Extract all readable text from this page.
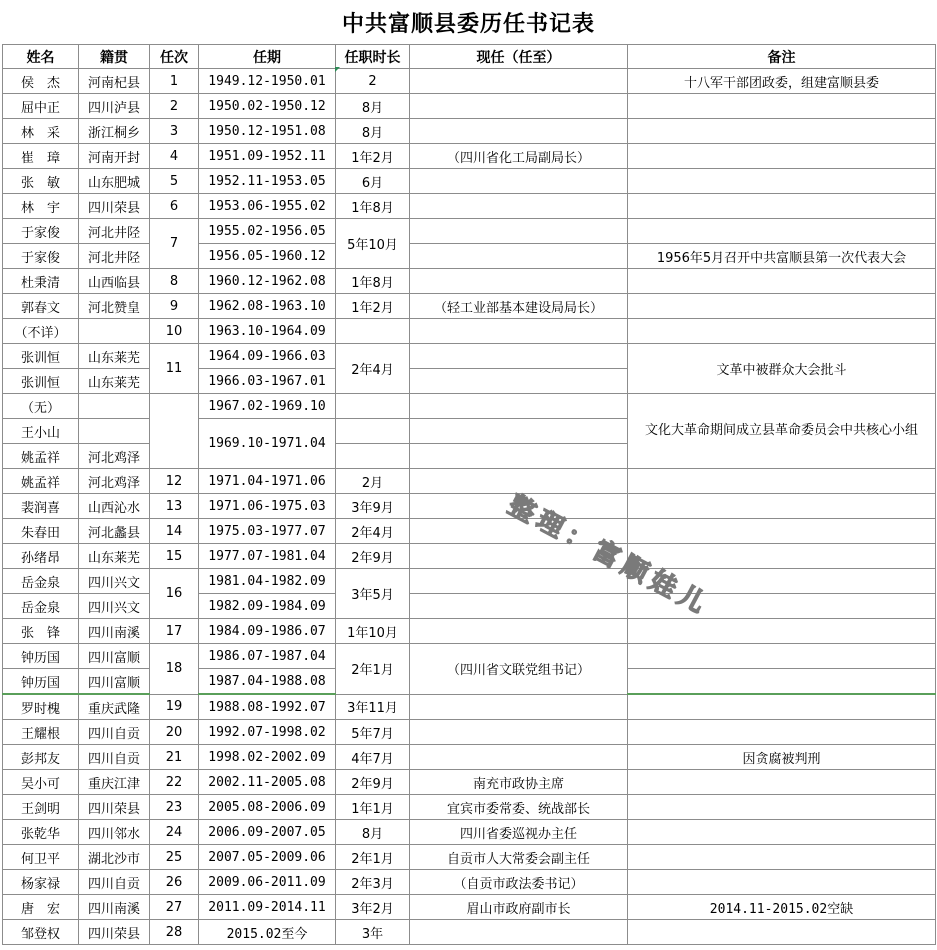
中共富顺县委历任书记表
姓名	籍贯	任次	任期	任职时长	现任（任至）	备注
侯　杰	河南杞县	1	1949.12-1950.01	2		十八军干部团政委，组建富顺县委
屈中正	四川泸县	2	1950.02-1950.12	8月		
林　采	浙江桐乡	3	1950.12-1951.08	8月		
崔　璋	河南开封	4	1951.09-1952.11	1年2月	（四川省化工局副局长）	
张　敏	山东肥城	5	1952.11-1953.05	6月		
林　宇	四川荣县	6	1953.06-1955.02	1年8月		
于家俊	河北井陉	7	1955.02-1956.05	5年10月		
于家俊	河北井陉		1956.05-1960.12			1956年5月召开中共富顺县第一次代表大会
杜秉清	山西临县	8	1960.12-1962.08	1年8月		
郭春文	河北赞皇	9	1962.08-1963.10	1年2月	（轻工业部基本建设局局长）	
（不详）		10	1963.10-1964.09			
张训恒	山东莱芜	11	1964.09-1966.03	2年4月		文革中被群众大会批斗
张训恒	山东莱芜		1966.03-1967.01			
（无）			1967.02-1969.10			文化大革命期间成立县革命委员会中共核心小组
王小山			1969.10-1971.04			
姚孟祥	河北鸡泽					
姚孟祥	河北鸡泽	12	1971.04-1971.06	2月		
裴润喜	山西沁水	13	1971.06-1975.03	3年9月		
朱春田	河北蠡县	14	1975.03-1977.07	2年4月		
孙绪昂	山东莱芜	15	1977.07-1981.04	2年9月		
岳金泉	四川兴文	16	1981.04-1982.09	3年5月		
岳金泉	四川兴文		1982.09-1984.09			
张　锋	四川南溪	17	1984.09-1986.07	1年10月		
钟历国	四川富顺	18	1986.07-1987.04	2年1月	（四川省文联党组书记）	
钟历国	四川富顺		1987.04-1988.08			
罗时槐	重庆武隆	19	1988.08-1992.07	3年11月		
王耀根	四川自贡	20	1992.07-1998.02	5年7月		
彭邦友	四川自贡	21	1998.02-2002.09	4年7月		因贪腐被判刑
吴小可	重庆江津	22	2002.11-2005.08	2年9月	南充市政协主席	
王剑明	四川荣县	23	2005.08-2006.09	1年1月	宜宾市委常委、统战部长	
张乾华	四川邻水	24	2006.09-2007.05	8月	四川省委巡视办主任	
何卫平	湖北沙市	25	2007.05-2009.06	2年1月	自贡市人大常委会副主任	
杨家禄	四川自贡	26	2009.06-2011.09	2年3月	（自贡市政法委书记）	
唐　宏	四川南溪	27	2011.09-2014.11	3年2月	眉山市政府副市长	2014.11-2015.02空缺
邹登权	四川荣县	28	2015.02至今	3年		
整理：富顺娃儿
